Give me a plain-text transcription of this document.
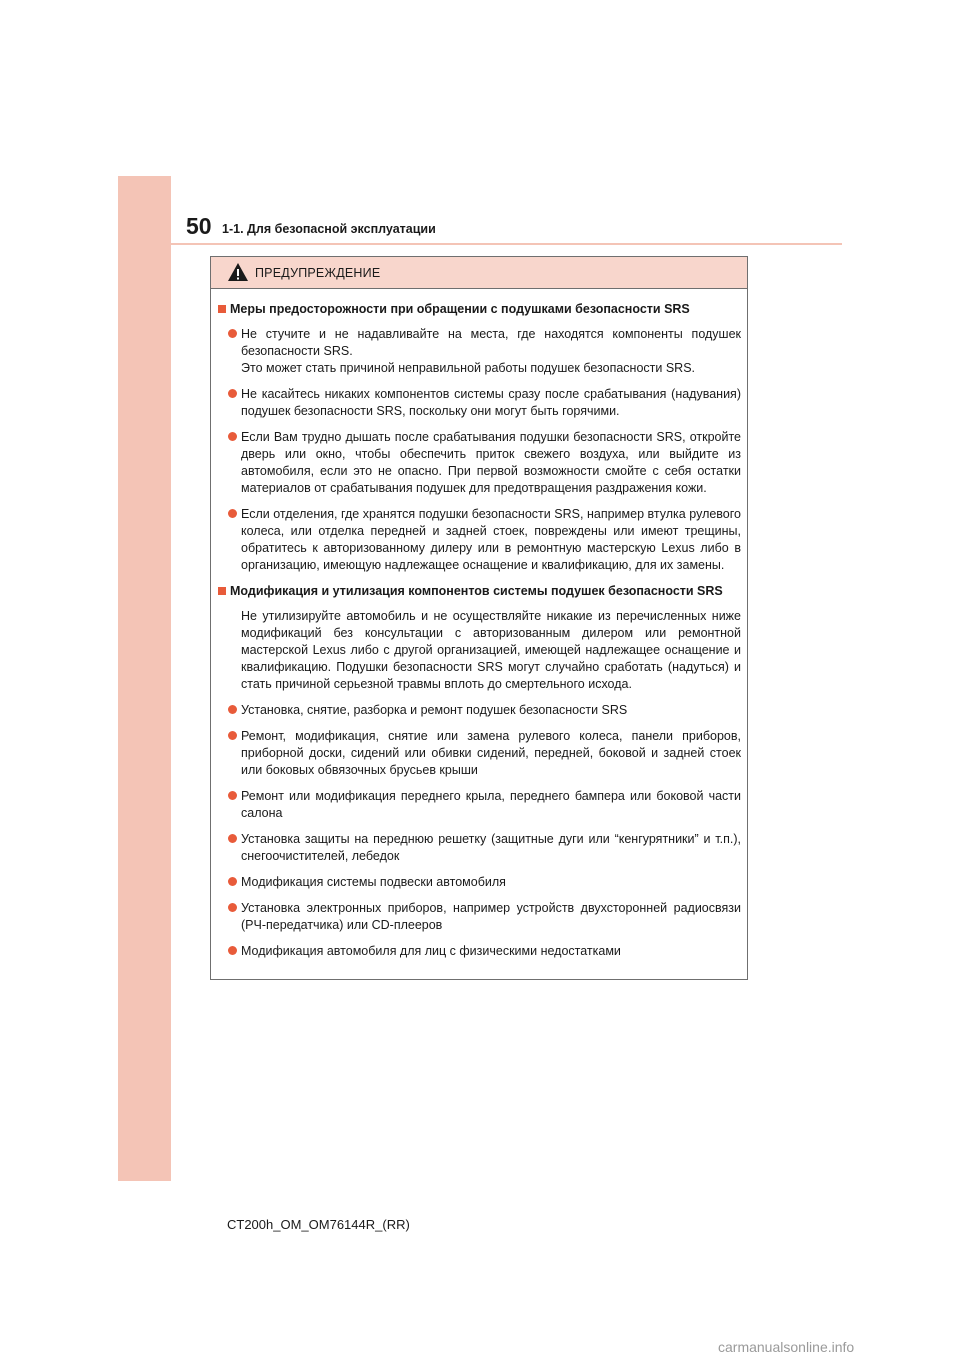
50 1-1. Для безопасной эксплуатации
ПРЕДУПРЕЖДЕНИЕ
Меры предосторожности при обращении с подушками безопасности SRS
Не стучите и не надавливайте на места, где находятся компоненты подушек безопасности SRS.
Это может стать причиной неправильной работы подушек безопасности SRS.
Не касайтесь никаких компонентов системы сразу после срабатывания (надувания) подушек безопасности SRS, поскольку они могут быть горячими.
Если Вам трудно дышать после срабатывания подушки безопасности SRS, откройте дверь или окно, чтобы обеспечить приток свежего воздуха, или выйдите из автомобиля, если это не опасно. При первой возможности смойте с себя остатки материалов от срабатывания подушек для предотвращения раздражения кожи.
Если отделения, где хранятся подушки безопасности SRS, например втулка рулевого колеса, или отделка передней и задней стоек, повреждены или имеют трещины, обратитесь к авторизованному дилеру или в ремонтную мастерскую Lexus либо в организацию, имеющую надлежащее оснащение и квалификацию, для их замены.
Модификация и утилизация компонентов системы подушек безопасности SRS
Не утилизируйте автомобиль и не осуществляйте никакие из перечисленных ниже модификаций без консультации с авторизованным дилером или ремонтной мастерской Lexus либо с другой организацией, имеющей надлежащее оснащение и квалификацию. Подушки безопасности SRS могут случайно сработать (надуться) и стать причиной серьезной травмы вплоть до смертельного исхода.
Установка, снятие, разборка и ремонт подушек безопасности SRS
Ремонт, модификация, снятие или замена рулевого колеса, панели приборов, приборной доски, сидений или обивки сидений, передней, боковой и задней стоек или боковых обвязочных брусьев крыши
Ремонт или модификация переднего крыла, переднего бампера или боковой части салона
Установка защиты на переднюю решетку (защитные дуги или “кенгурятники” и т.п.), снегоочистителей, лебедок
Модификация системы подвески автомобиля
Установка электронных приборов, например устройств двухсторонней радиосвязи (РЧ-передатчика) или CD-плееров
Модификация автомобиля для лиц с физическими недостатками
CT200h_OM_OM76144R_(RR)
carmanualsonline.info
